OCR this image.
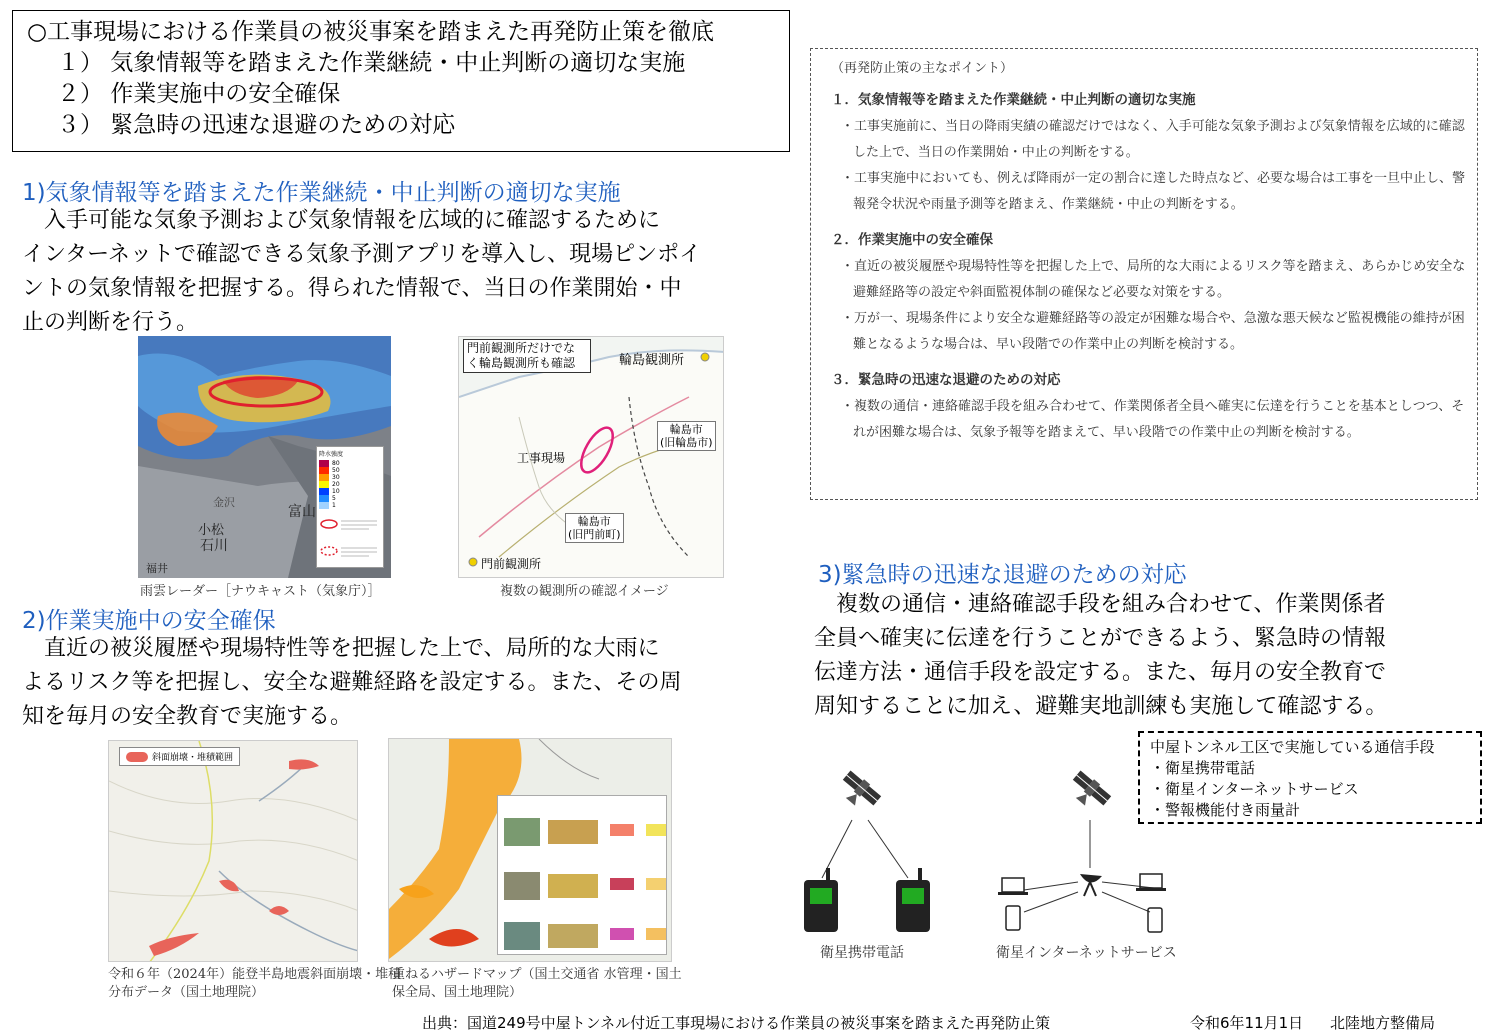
○工事現場における作業員の被災事案を踏まえた再発防止策を徹底
１） 気象情報等を踏まえた作業継続・中止判断の適切な実施
２） 作業実施中の安全確保
３） 緊急時の迅速な退避のための対応
1)気象情報等を踏まえた作業継続・中止判断の適切な実施
　入手可能な気象予測および気象情報を広域的に確認するために
インターネットで確認できる気象予測アプリを導入し、現場ピンポイ
ントの気象情報を把握する。得られた情報で、当日の作業開始・中
止の判断を行う。
小松
石川
富山
福井
金沢
降水強度
80
50
30
20
10
5
1
雨雲レーダー［ナウキャスト（気象庁）］
門前観測所だけでな く輪島観測所も確認	輪島観測所
工事現場
輪島市
(旧輪島市)
輪島市
(旧門前町)
門前観測所
複数の観測所の確認イメージ
2)作業実施中の安全確保
　直近の被災履歴や現場特性等を把握した上で、局所的な大雨に
よるリスク等を把握し、安全な避難経路を設定する。また、その周
知を毎月の安全教育で実施する。
斜面崩壊・堆積範囲
令和６年（2024年）能登半島地震斜面崩壊・堆積
分布データ（国土地理院）
重ねるハザードマップ（国土交通省 水管理・国土
保全局、国土地理院）
（再発防止策の主なポイント）
１．気象情報等を踏まえた作業継続・中止判断の適切な実施
・工事実施前に、当日の降雨実績の確認だけではなく、入手可能な気象予測および気象情報を広域的に確認した上で、当日の作業開始・中止の判断をする。
・工事実施中においても、例えば降雨が一定の割合に達した時点など、必要な場合は工事を一旦中止し、警報発令状況や雨量予測等を踏まえ、作業継続・中止の判断をする。
２．作業実施中の安全確保
・直近の被災履歴や現場特性等を把握した上で、局所的な大雨によるリスク等を踏まえ、あらかじめ安全な避難経路等の設定や斜面監視体制の確保など必要な対策をする。
・万が一、現場条件により安全な避難経路等の設定が困難な場合や、急激な悪天候など監視機能の維持が困難となるような場合は、早い段階での作業中止の判断を検討する。
３．緊急時の迅速な退避のための対応
・複数の通信・連絡確認手段を組み合わせて、作業関係者全員へ確実に伝達を行うことを基本としつつ、それが困難な場合は、気象予報等を踏まえて、早い段階での作業中止の判断を検討する。
3)緊急時の迅速な退避のための対応
　複数の通信・連絡確認手段を組み合わせて、作業関係者
全員へ確実に伝達を行うことができるよう、緊急時の情報
伝達方法・通信手段を設定する。また、毎月の安全教育で
周知することに加え、避難実地訓練も実施して確認する。
中屋トンネル工区で実施している通信手段
・衛星携帯電話
・衛星インターネットサービス
・警報機能付き雨量計
衛星携帯電話	衛星インターネットサービス
出典：国道249号中屋トンネル付近工事現場における作業員の被災事案を踏まえた再発防止策	令和6年11月1日 北陸地方整備局
